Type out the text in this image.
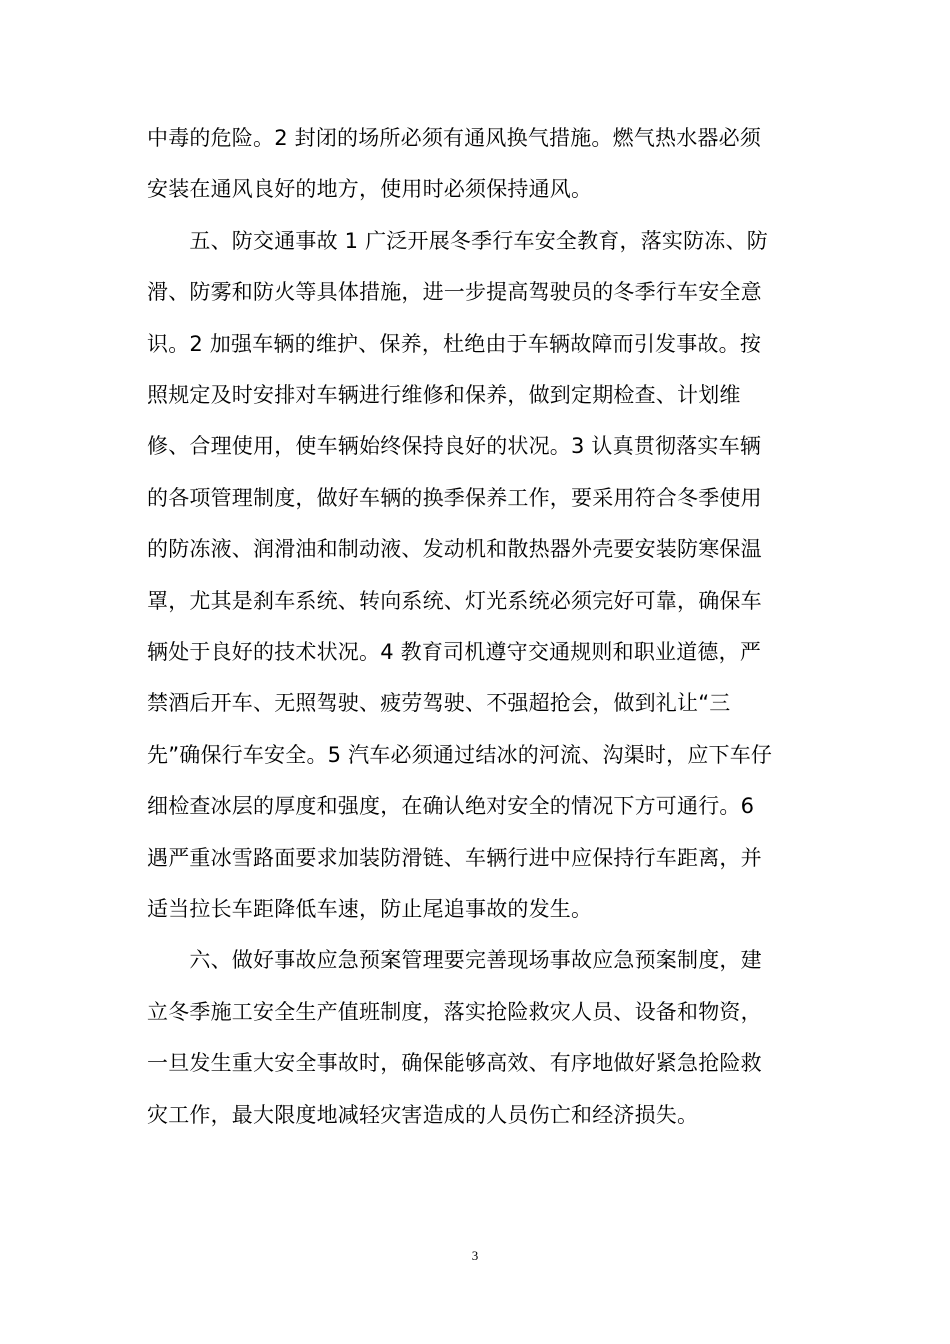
中毒的危险。2 封闭的场所必须有通风换气措施。燃气热水器必须
安装在通风良好的地方，使用时必须保持通风。
　　五、防交通事故 1 广泛开展冬季行车安全教育，落实防冻、防
滑、防雾和防火等具体措施，进一步提高驾驶员的冬季行车安全意
识。2 加强车辆的维护、保养，杜绝由于车辆故障而引发事故。按
照规定及时安排对车辆进行维修和保养，做到定期检查、计划维
修、合理使用，使车辆始终保持良好的状况。3 认真贯彻落实车辆
的各项管理制度，做好车辆的换季保养工作，要采用符合冬季使用
的防冻液、润滑油和制动液、发动机和散热器外壳要安装防寒保温
罩，尤其是刹车系统、转向系统、灯光系统必须完好可靠，确保车
辆处于良好的技术状况。4 教育司机遵守交通规则和职业道德，严
禁酒后开车、无照驾驶、疲劳驾驶、不强超抢会，做到礼让“三
先”确保行车安全。5 汽车必须通过结冰的河流、沟渠时，应下车仔
细检查冰层的厚度和强度，在确认绝对安全的情况下方可通行。6
遇严重冰雪路面要求加装防滑链、车辆行进中应保持行车距离，并
适当拉长车距降低车速，防止尾追事故的发生。
　　六、做好事故应急预案管理要完善现场事故应急预案制度，建
立冬季施工安全生产值班制度，落实抢险救灾人员、设备和物资，
一旦发生重大安全事故时，确保能够高效、有序地做好紧急抢险救
灾工作，最大限度地减轻灾害造成的人员伤亡和经济损失。
3
